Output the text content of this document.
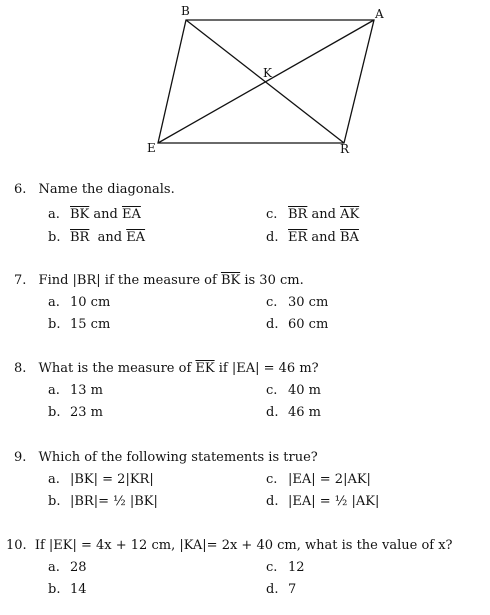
B	A
K
E	R
6. Name the diagonals.
a. $\overline{BK}$ and $\overline{EA}$	c. $\overline{BR}$ and $\overline{AK}$
b. $\overline{BR}$  and $\overline{EA}$	d. $\overline{ER}$ and $\overline{BA}$
7. Find |BR| if the measure of $\overline{BK}$ is 30 cm.
a. 10 cm	c. 30 cm
b. 15 cm	d. 60 cm
8. What is the measure of $\overline{EK}$ if |EA| = 46 m?
a. 13 m	c. 40 m
b. 23 m	d. 46 m
9. Which of the following statements is true?
a. |BK| = 2|KR|	c. |EA| = 2|AK|
b. |BR|= ½ |BK|	d. |EA| = ½ |AK|
10. If |EK| = 4x + 12 cm, |KA|= 2x + 40 cm, what is the value of x?
a. 28	c. 12
b. 14	d. 7
